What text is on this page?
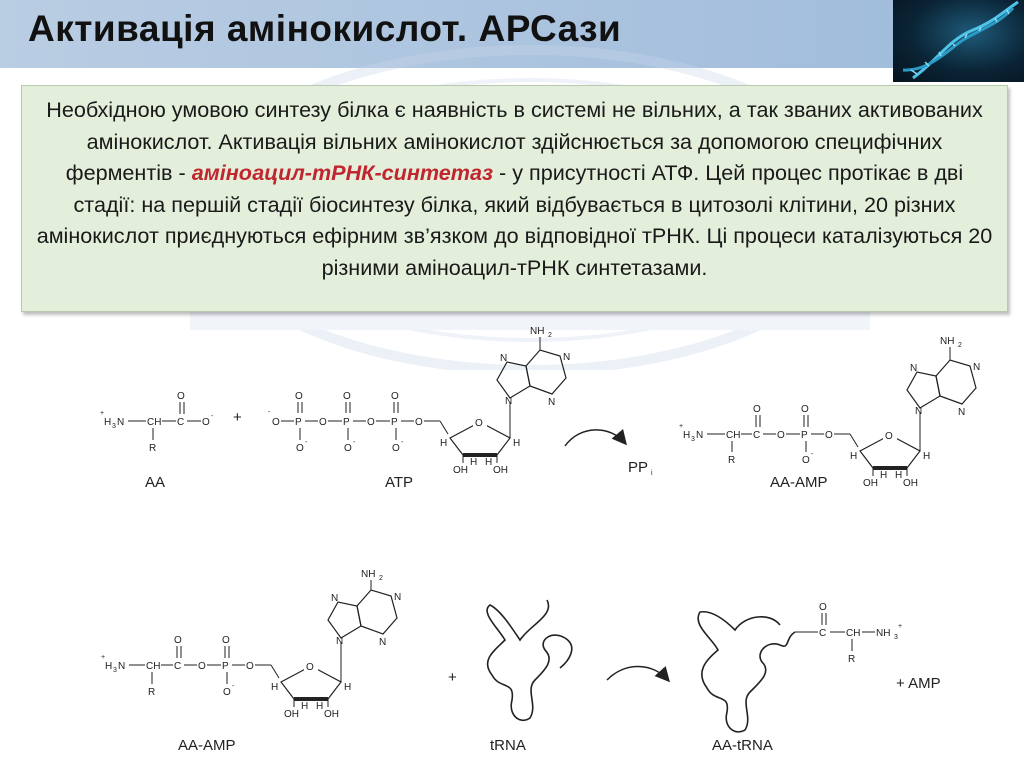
Активація амінокислот. АРСази
Необхідною умовою синтезу білка є наявність в системі не вільних, а так званих активованих амінокислот. Активація вільних амінокислот здійснюється за допомогою специфічних ферментів - аміноацил-тРНК-синтетаз - у присутності АТФ. Цей процес протікає в дві стадії: на першій стадії біосинтезу білка, який відбувається в цитозолі клітини, 20 різних амінокислот приєднуються ефірним зв’язком до відповідної тРНК. Ці процеси каталізуються 20 різними аміноацил-тРНК синтетазами.
+
H 3 N CH
R
C
O
O
-
AA
+	-
O P
O
O
-
O P
O
O
-
O P
O
O
-
O	O
H	H
OH
H H
OH
NH 2
N
N	N
N
ATP
PP i
+
H 3 N CH
R
C
O
O P
O
O
-
O	O
H	H
OH
H H
OH
NH 2
N
N	N
N
AA-AMP
+
H 3 N CH
R
C
O
O P
O
O
-
O	O
H	H
OH
H H
OH
NH 2
N
N	N
N
AA-AMP
+
tRNA
C
O
CH
R
NH 3
+
+ AMP
AA-tRNA
